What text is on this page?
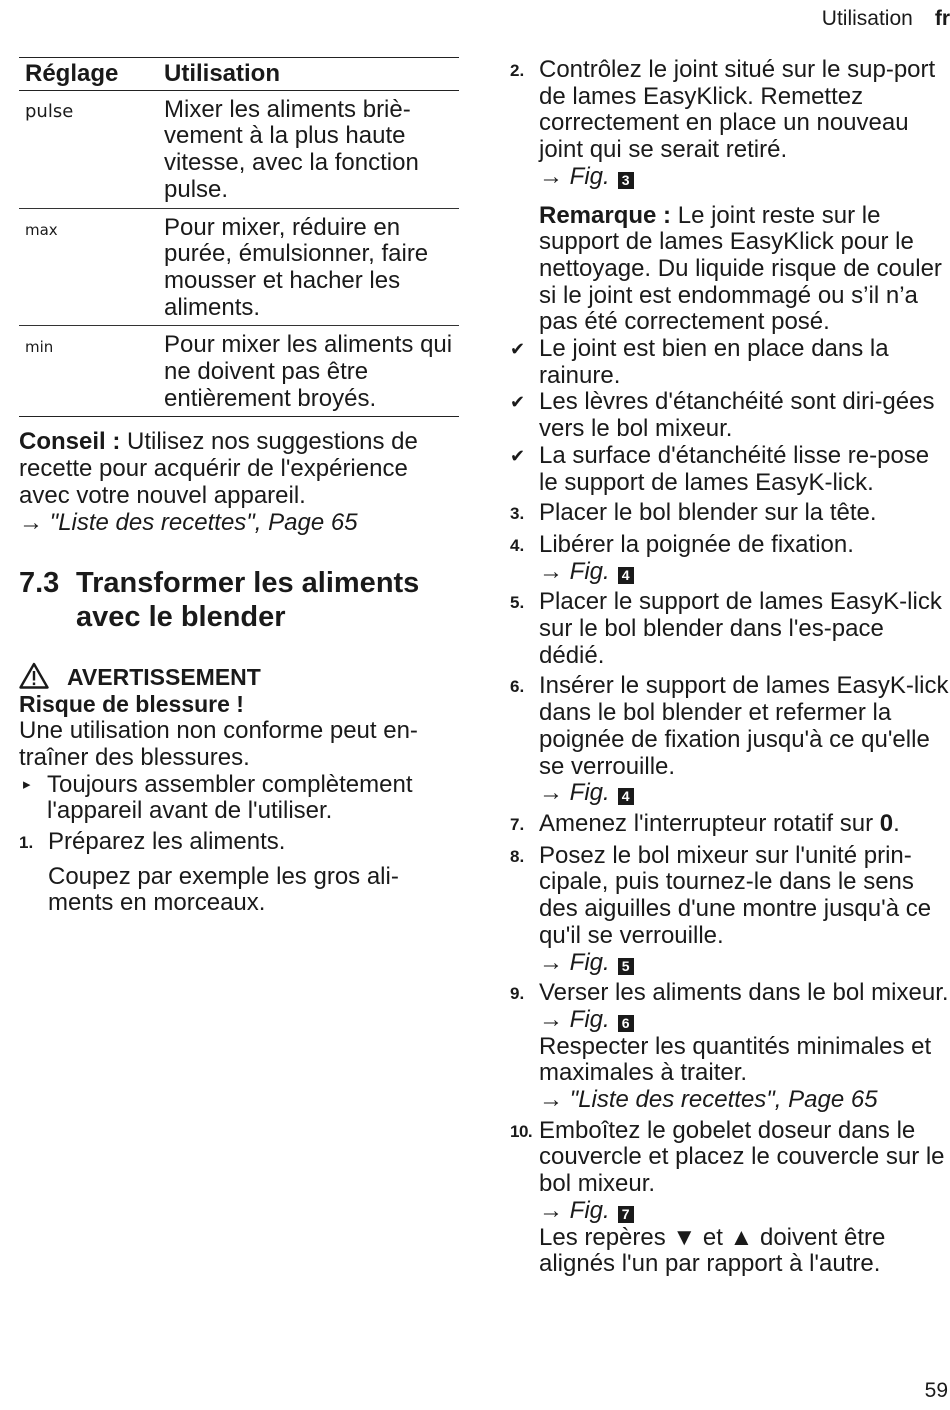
Utilisation fr
Réglage	Utilisation
pulse	Mixer les aliments briè-vement à la plus haute vitesse, avec la fonction pulse.
max	Pour mixer, réduire en purée, émulsionner, faire mousser et hacher les aliments.
min	Pour mixer les aliments qui ne doivent pas être entièrement broyés.
Conseil : Utilisez nos suggestions de recette pour acquérir de l'expérience avec votre nouvel appareil.
→ "Liste des recettes", Page 65
7.3 Transformer les aliments avec le blender
AVERTISSEMENT
Risque de blessure !
Une utilisation non conforme peut en-traîner des blessures.
▸ Toujours assembler complètement l'appareil avant de l'utiliser.
1. Préparez les aliments.
Coupez par exemple les gros ali-ments en morceaux.
2. Contrôlez le joint situé sur le sup-port de lames EasyKlick. Remettez correctement en place un nouveau joint qui se serait retiré.
→ Fig. 3
Remarque : Le joint reste sur le support de lames EasyKlick pour le nettoyage. Du liquide risque de couler si le joint est endommagé ou s’il n’a pas été correctement posé.
✔ Le joint est bien en place dans la rainure.
✔ Les lèvres d'étanchéité sont diri-gées vers le bol mixeur.
✔ La surface d'étanchéité lisse re-pose le support de lames EasyK-lick.
3. Placer le bol blender sur la tête.
4. Libérer la poignée de fixation.
→ Fig. 4
5. Placer le support de lames EasyK-lick sur le bol blender dans l'es-pace dédié.
6. Insérer le support de lames EasyK-lick dans le bol blender et refermer la poignée de fixation jusqu'à ce qu'elle se verrouille.
→ Fig. 4
7. Amenez l'interrupteur rotatif sur 0.
8. Posez le bol mixeur sur l'unité prin-cipale, puis tournez-le dans le sens des aiguilles d'une montre jusqu'à ce qu'il se verrouille.
→ Fig. 5
9. Verser les aliments dans le bol mixeur.
→ Fig. 6
Respecter les quantités minimales et maximales à traiter.
→ "Liste des recettes", Page 65
10. Emboîtez le gobelet doseur dans le couvercle et placez le couvercle sur le bol mixeur.
→ Fig. 7
Les repères ▼ et ▲ doivent être alignés l'un par rapport à l'autre.
59
